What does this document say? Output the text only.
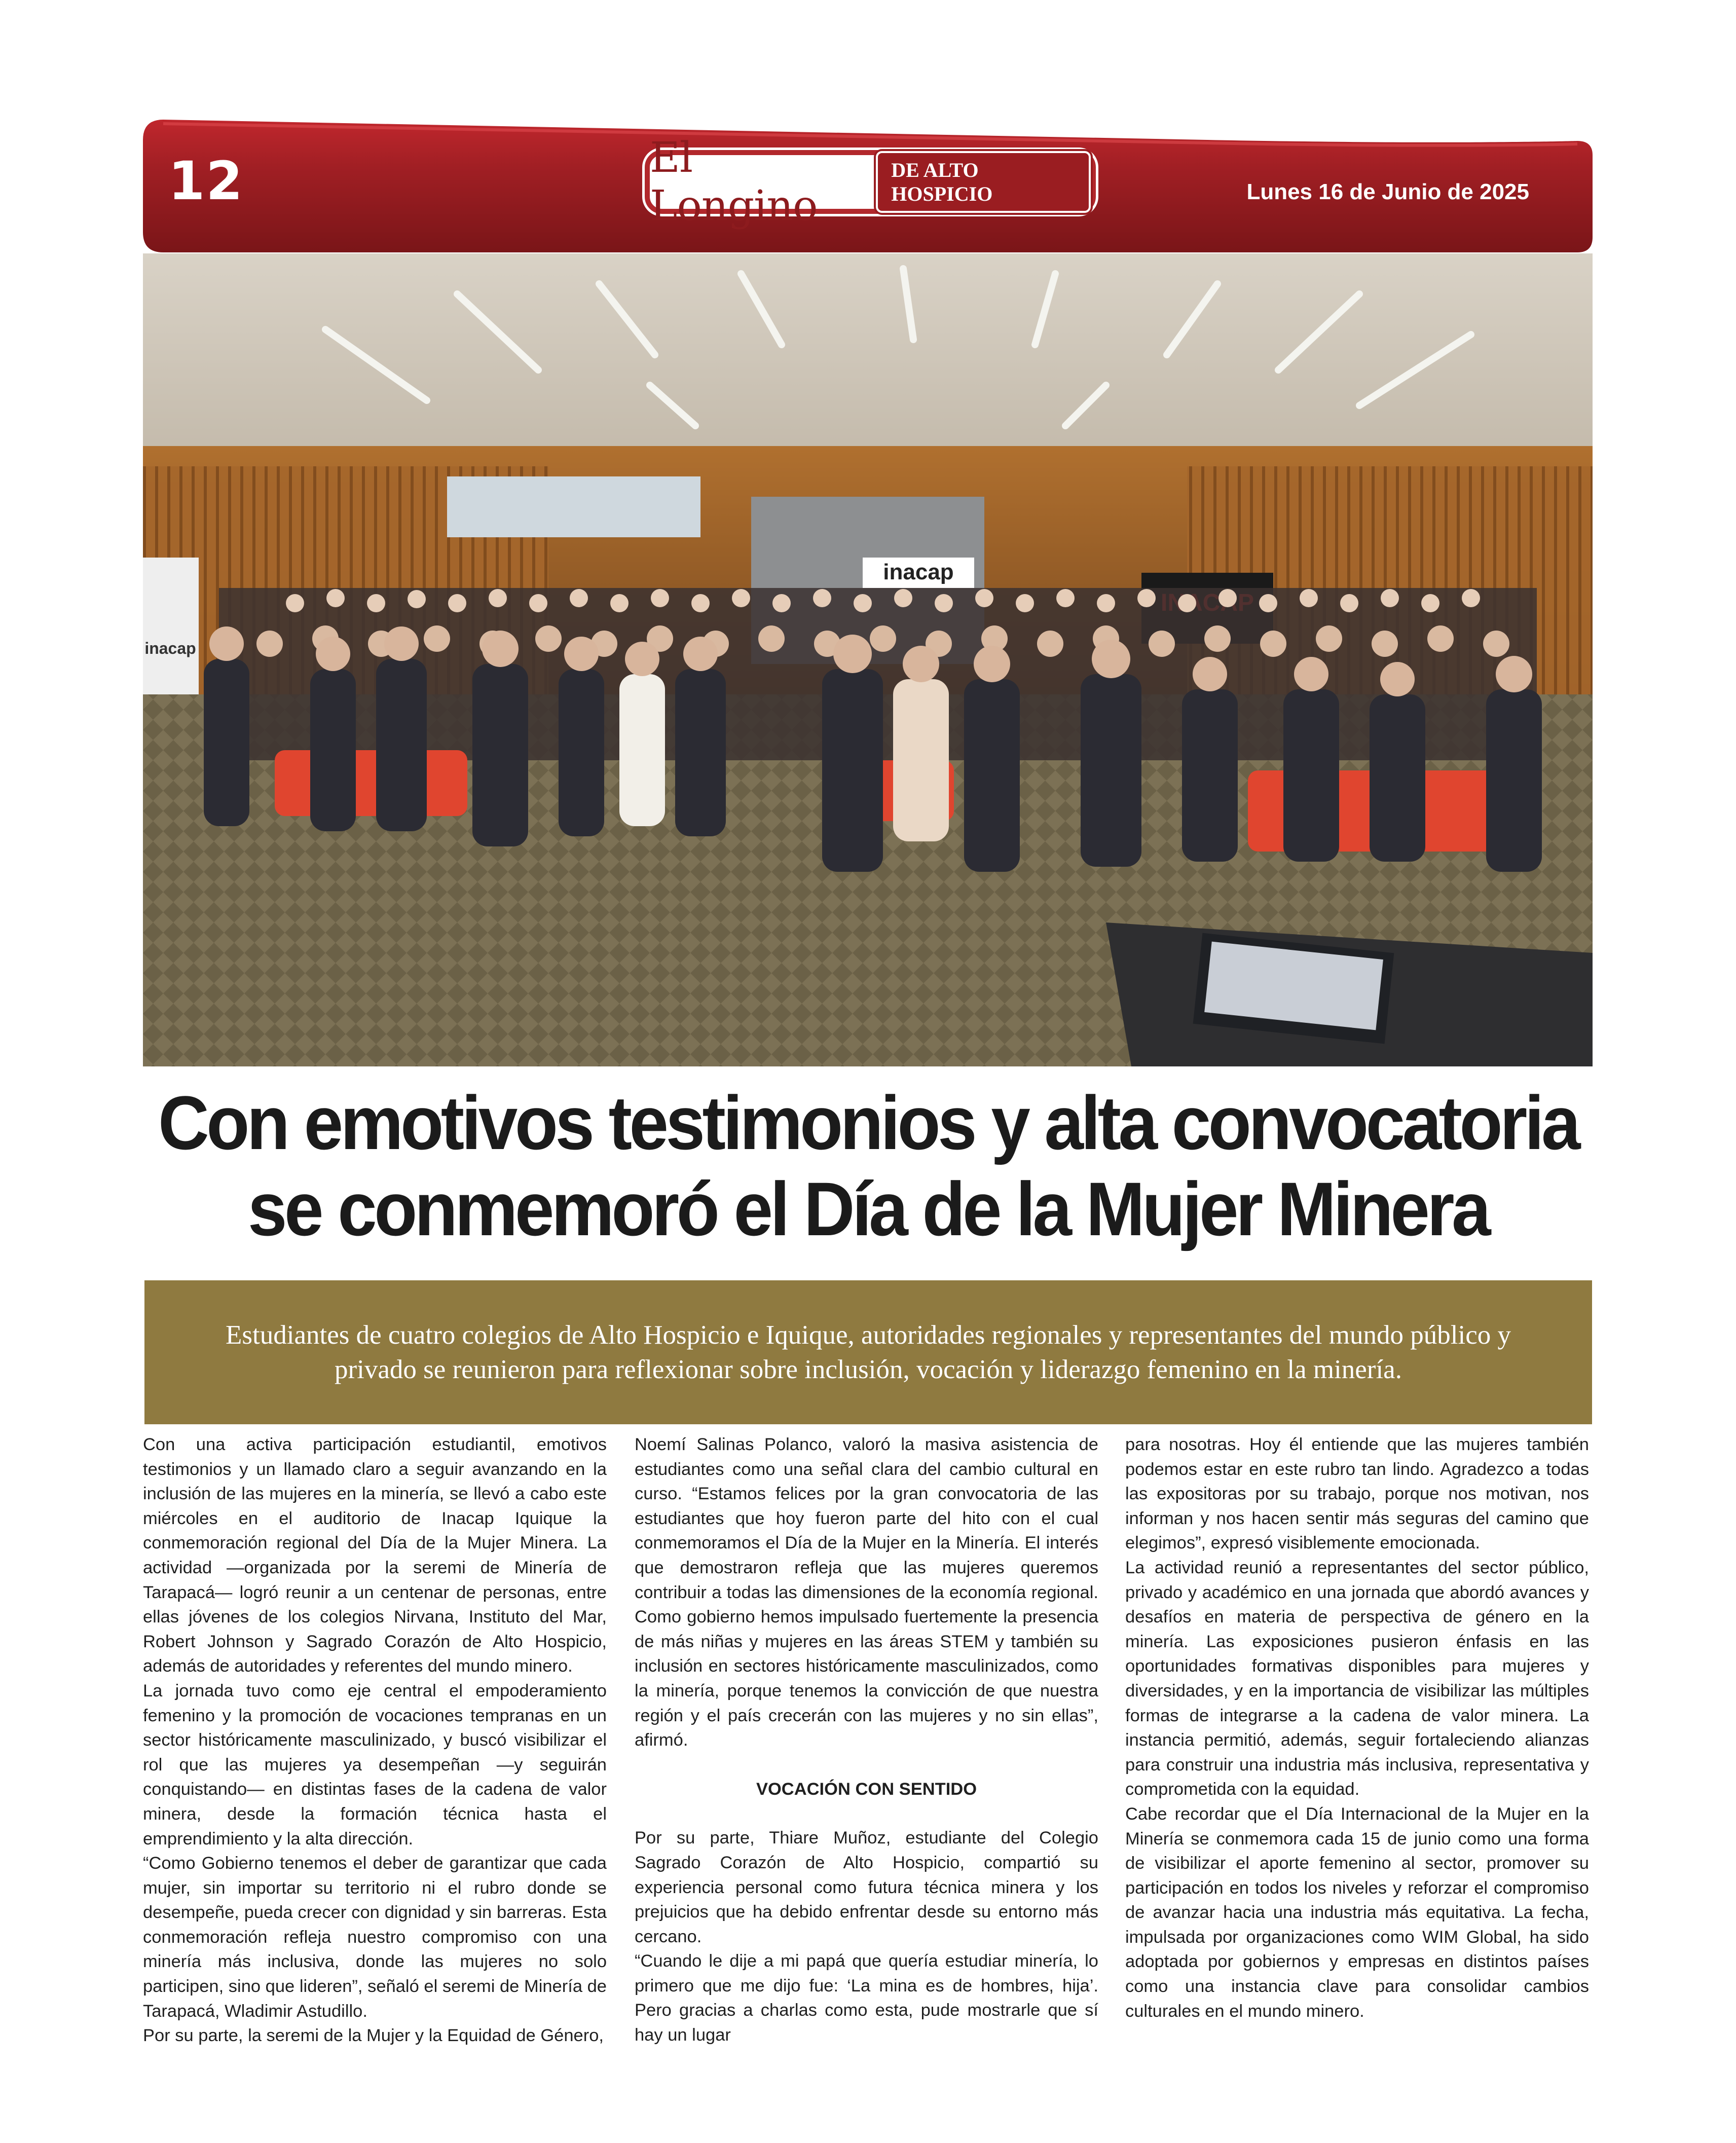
12	El Longino
DE ALTO HOSPICIO	Lunes 16 de Junio de 2025
inacap
inacap
Con emotivos testimonios y alta convocatoria
se conmemoró el Día de la Mujer Minera

Estudiantes de cuatro colegios de Alto Hospicio e Iquique, autoridades regionales y representantes del mundo público y privado se reunieron para reflexionar sobre inclusión, vocación y liderazgo femenino en la minería.

Con una activa participación estudiantil, emotivos testimonios y un llamado claro a seguir avanzando en la inclusión de las mujeres en la minería, se llevó a cabo este miércoles en el auditorio de Inacap Iquique la conmemoración regional del Día de la Mujer Minera. La actividad —organizada por la seremi de Minería de Tarapacá— logró reunir a un centenar de personas, entre ellas jóvenes de los colegios Nirvana, Instituto del Mar, Robert Johnson y Sagrado Corazón de Alto Hospicio, además de autoridades y referentes del mundo minero.

La jornada tuvo como eje central el empoderamiento femenino y la promoción de vocaciones tempranas en un sector históricamente masculinizado, y buscó visibilizar el rol que las mujeres ya desempeñan —y seguirán conquistando— en distintas fases de la cadena de valor minera, desde la formación técnica hasta el emprendimiento y la alta dirección.

“Como Gobierno tenemos el deber de garantizar que cada mujer, sin importar su territorio ni el rubro donde se desempeñe, pueda crecer con dignidad y sin barreras. Esta conmemoración refleja nuestro compromiso con una minería más inclusiva, donde las mujeres no solo participen, sino que lideren”, señaló el seremi de Minería de Tarapacá, Wladimir Astudillo.

Por su parte, la seremi de la Mujer y la Equidad de Género,

Noemí Salinas Polanco, valoró la masiva asistencia de estudiantes como una señal clara del cambio cultural en curso. “Estamos felices por la gran convocatoria de las estudiantes que hoy fueron parte del hito con el cual conmemoramos el Día de la Mujer en la Minería. El interés que demostraron refleja que las mujeres queremos contribuir a todas las dimensiones de la economía regional. Como gobierno hemos impulsado fuertemente la presencia de más niñas y mujeres en las áreas STEM y también su inclusión en sectores históricamente masculinizados, como la minería, porque tenemos la convicción de que nuestra región y el país crecerán con las mujeres y no sin ellas”, afirmó.

VOCACIÓN CON SENTIDO

Por su parte, Thiare Muñoz, estudiante del Colegio Sagrado Corazón de Alto Hospicio, compartió su experiencia personal como futura técnica minera y los prejuicios que ha debido enfrentar desde su entorno más cercano.

“Cuando le dije a mi papá que quería estudiar minería, lo primero que me dijo fue: ‘La mina es de hombres, hija’. Pero gracias a charlas como esta, pude mostrarle que sí hay un lugar

para nosotras. Hoy él entiende que las mujeres también podemos estar en este rubro tan lindo. Agradezco a todas las expositoras por su trabajo, porque nos motivan, nos informan y nos hacen sentir más seguras del camino que elegimos”, expresó visiblemente emocionada.

La actividad reunió a representantes del sector público, privado y académico en una jornada que abordó avances y desafíos en materia de perspectiva de género en la minería. Las exposiciones pusieron énfasis en las oportunidades formativas disponibles para mujeres y diversidades, y en la importancia de visibilizar las múltiples formas de integrarse a la cadena de valor minera. La instancia permitió, además, seguir fortaleciendo alianzas para construir una industria más inclusiva, representativa y comprometida con la equidad.

Cabe recordar que el Día Internacional de la Mujer en la Minería se conmemora cada 15 de junio como una forma de visibilizar el aporte femenino al sector, promover su participación en todos los niveles y reforzar el compromiso de avanzar hacia una industria más equitativa. La fecha, impulsada por organizaciones como WIM Global, ha sido adoptada por gobiernos y empresas en distintos países como una instancia clave para consolidar cambios culturales en el mundo minero.
